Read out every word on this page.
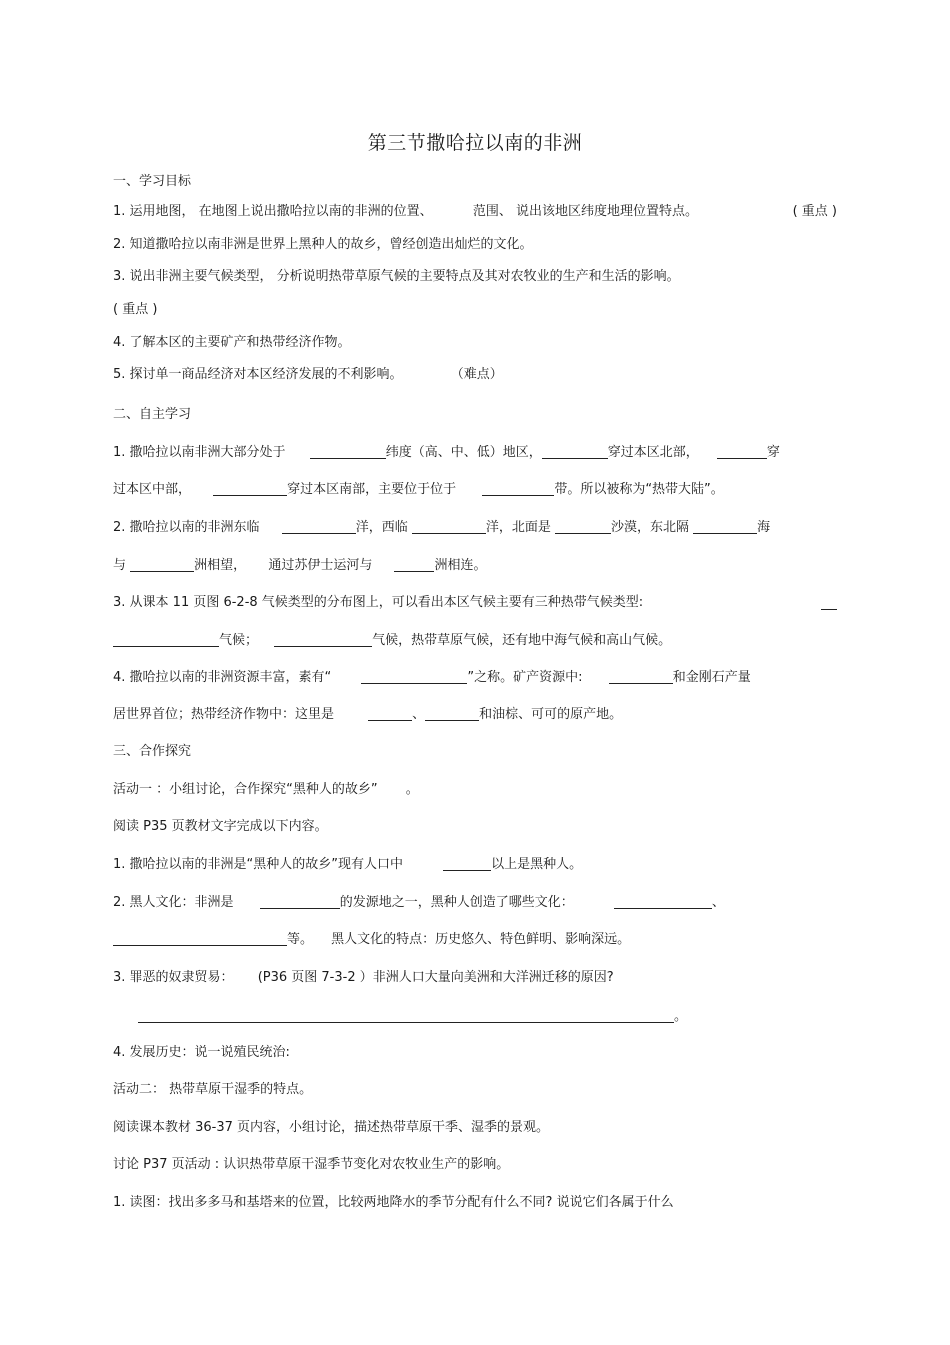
第三节撒哈拉以南的非洲
一、学习目标
1. 运用地图， 在地图上说出撒哈拉以南的非洲的位置、	范围、 说出该地区纬度地理位置特点。	( 重点 )
2. 知道撒哈拉以南非洲是世界上黑种人的故乡，曾经创造出灿烂的文化。
3. 说出非洲主要气候类型， 分析说明热带草原气候的主要特点及其对农牧业的生产和生活的影响。
( 重点 )
4. 了解本区的主要矿产和热带经济作物。
5. 探讨单一商品经济对本区经济发展的不利影响。	（难点）
二、自主学习
1. 撒哈拉以南非洲大部分处于	纬度（高、中、低）地区，	穿过本区北部，	穿
过本区中部，	穿过本区南部，主要位于位于	带。所以被称为“热带大陆”。
2. 撒哈拉以南的非洲东临	洋，西临	洋，北面是	沙漠，东北隔	海
与	洲相望， 通过苏伊士运河与	洲相连。
3. 从课本 11 页图 6-2-8 气候类型的分布图上，可以看出本区气候主要有三种热带气候类型:
气候；	气候，热带草原气候，还有地中海气候和高山气候。
4. 撒哈拉以南的非洲资源丰富，素有“	”之称。矿产资源中:	和金刚石产量
居世界首位；热带经济作物中：这里是	、	和油棕、可可的原产地。
三、合作探究
活动一 ：小组讨论，合作探究“黑种人的故乡” 。
阅读 P35 页教材文字完成以下内容。
1. 撒哈拉以南的非洲是“黑种人的故乡”现有人口中	以上是黑种人。
2. 黑人文化：非洲是	的发源地之一，黑种人创造了哪些文化：	、
等。 黑人文化的特点：历史悠久、特色鲜明、影响深远。
3. 罪恶的奴隶贸易： (P36 页图 7-3-2 ）非洲人口大量向美洲和大洋洲迁移的原因?
。
4. 发展历史：说一说殖民统治:
活动二： 热带草原干湿季的特点。
阅读课本教材 36-37 页内容，小组讨论，描述热带草原干季、湿季的景观。
讨论 P37 页活动 : 认识热带草原干湿季节变化对农牧业生产的影响。
1. 读图：找出多多马和基塔来的位置，比较两地降水的季节分配有什么不同? 说说它们各属于什么
